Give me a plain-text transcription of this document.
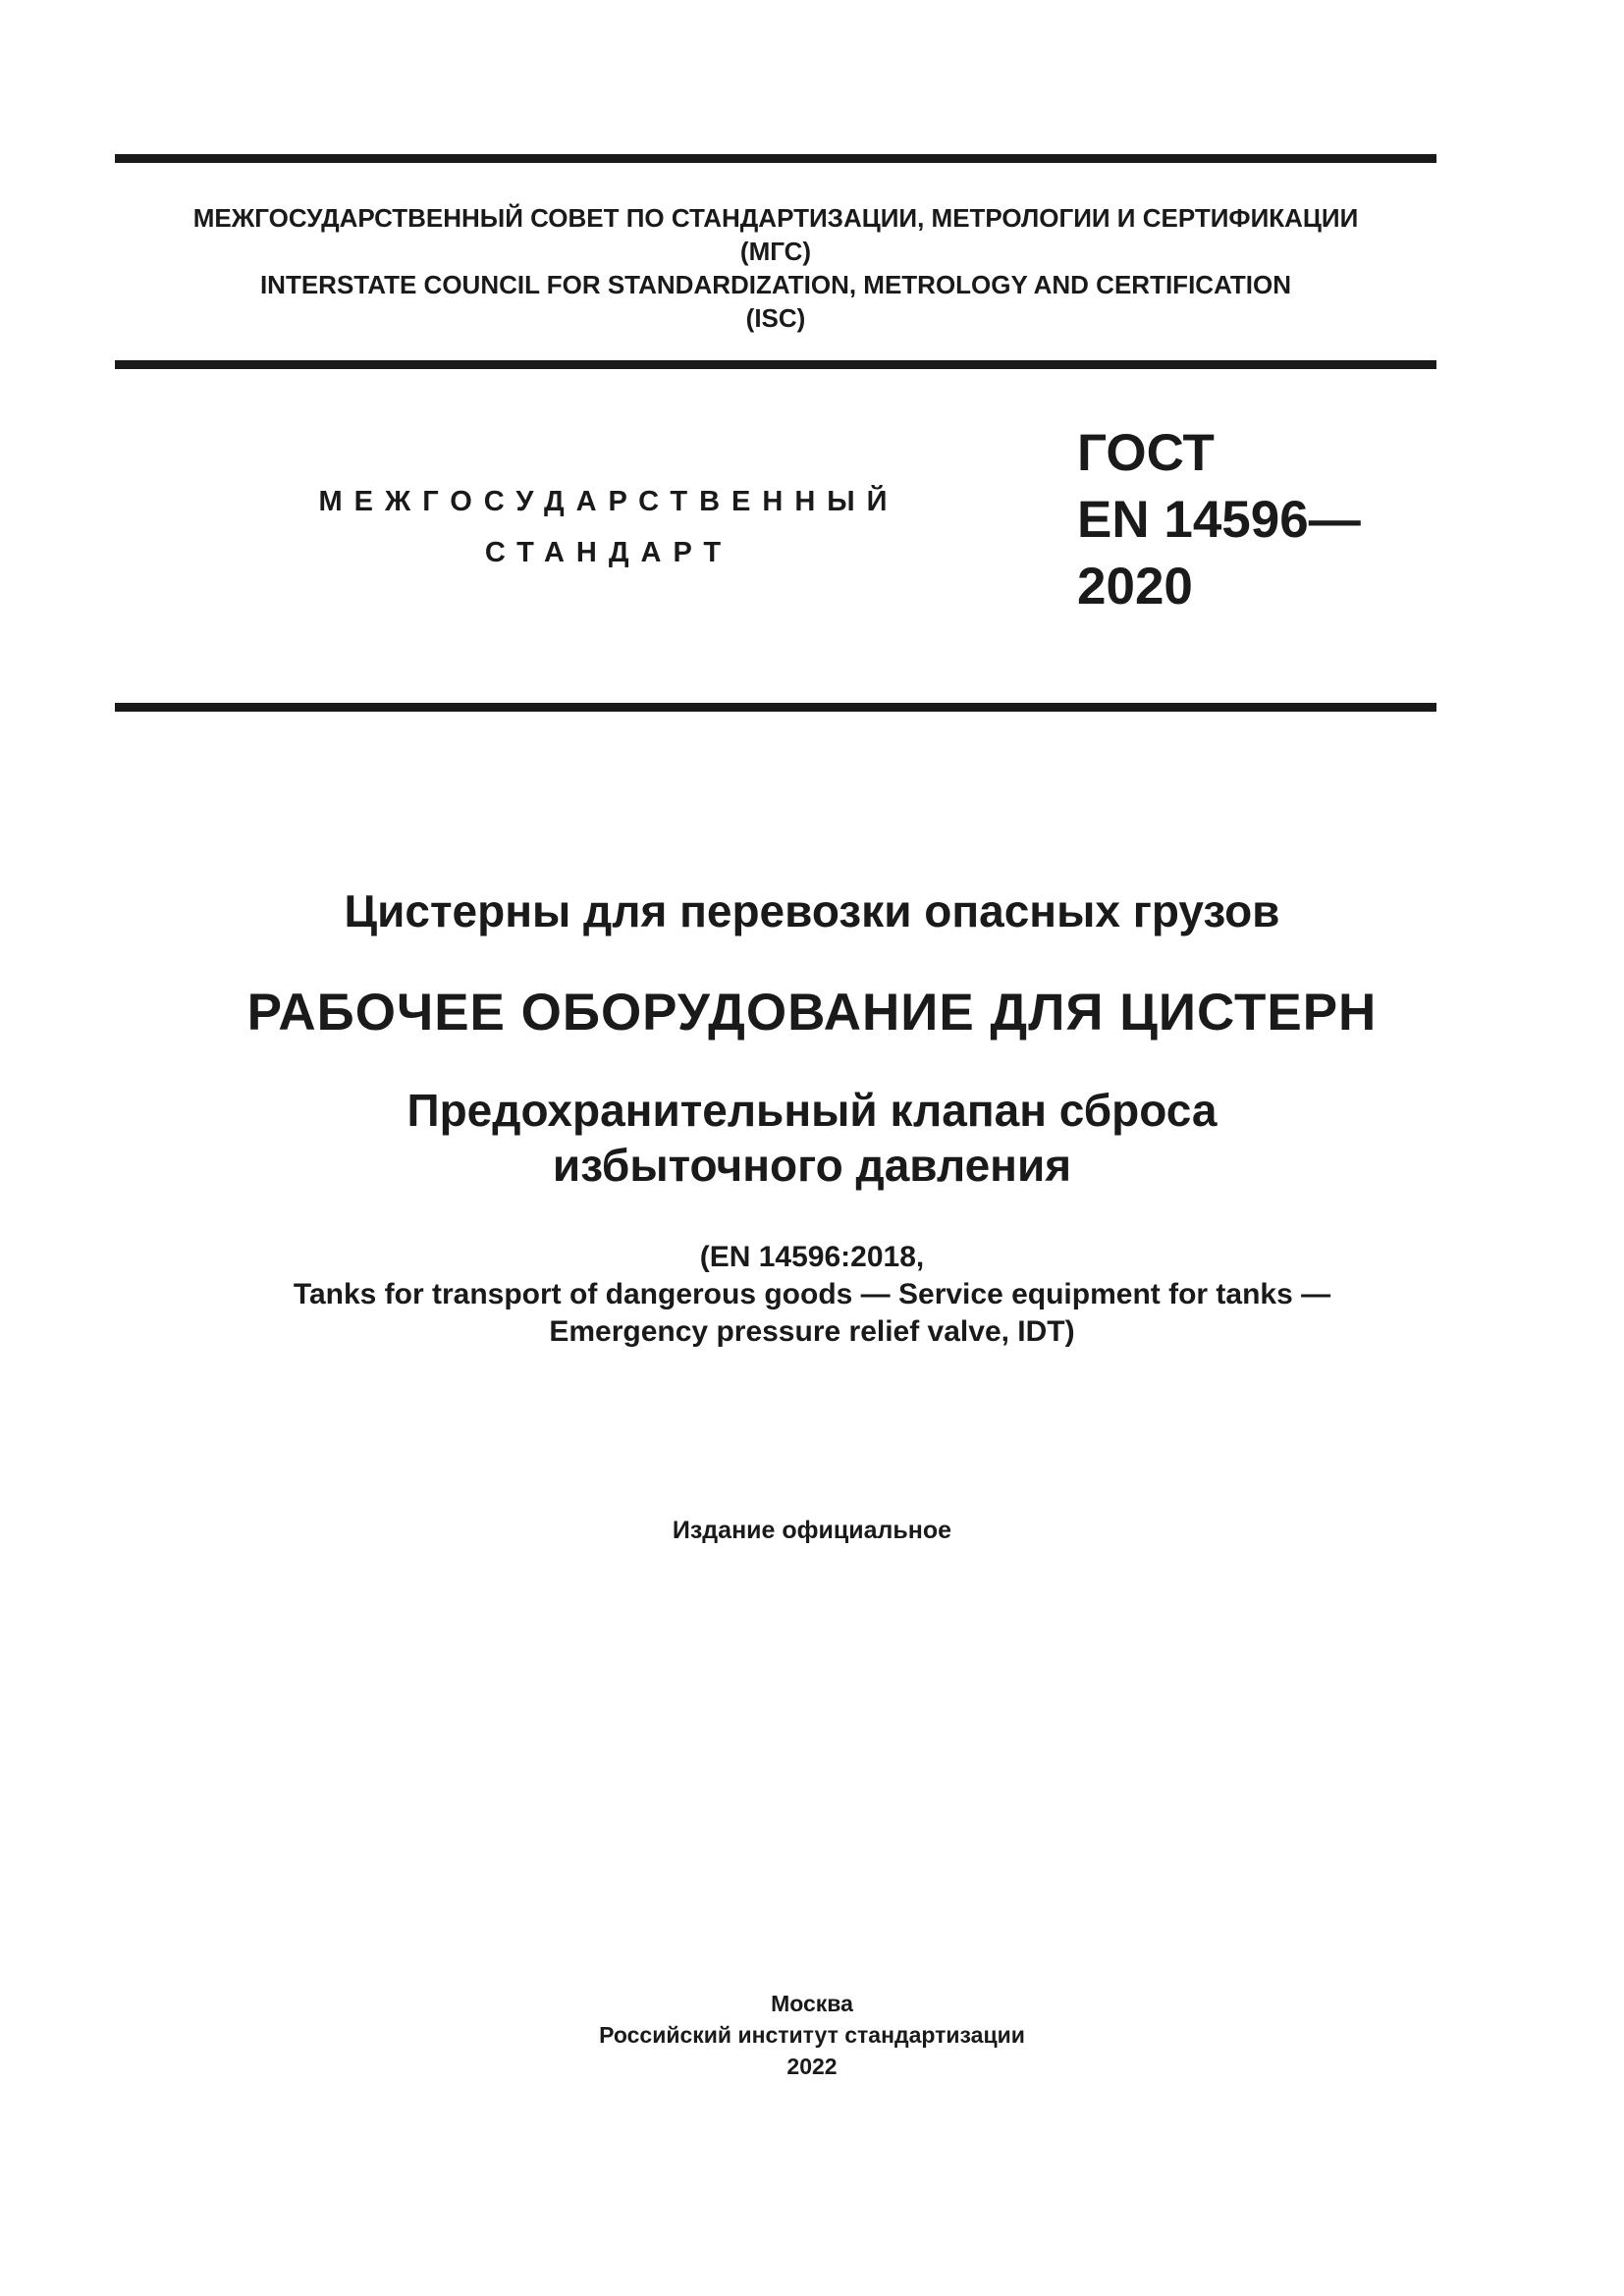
МЕЖГОСУДАРСТВЕННЫЙ СОВЕТ ПО СТАНДАРТИЗАЦИИ, МЕТРОЛОГИИ И СЕРТИФИКАЦИИ
(МГС)
INTERSTATE COUNCIL FOR STANDARDIZATION, METROLOGY AND CERTIFICATION
(ISC)
МЕЖГОСУДАРСТВЕННЫЙ
СТАНДАРТ
ГОСТ
EN 14596—
2020
Цистерны для перевозки опасных грузов
РАБОЧЕЕ ОБОРУДОВАНИЕ ДЛЯ ЦИСТЕРН
Предохранительный клапан сброса
избыточного давления
(EN 14596:2018,
Tanks for transport of dangerous goods — Service equipment for tanks —
Emergency pressure relief valve, IDT)
Издание официальное
Москва
Российский институт стандартизации
2022
